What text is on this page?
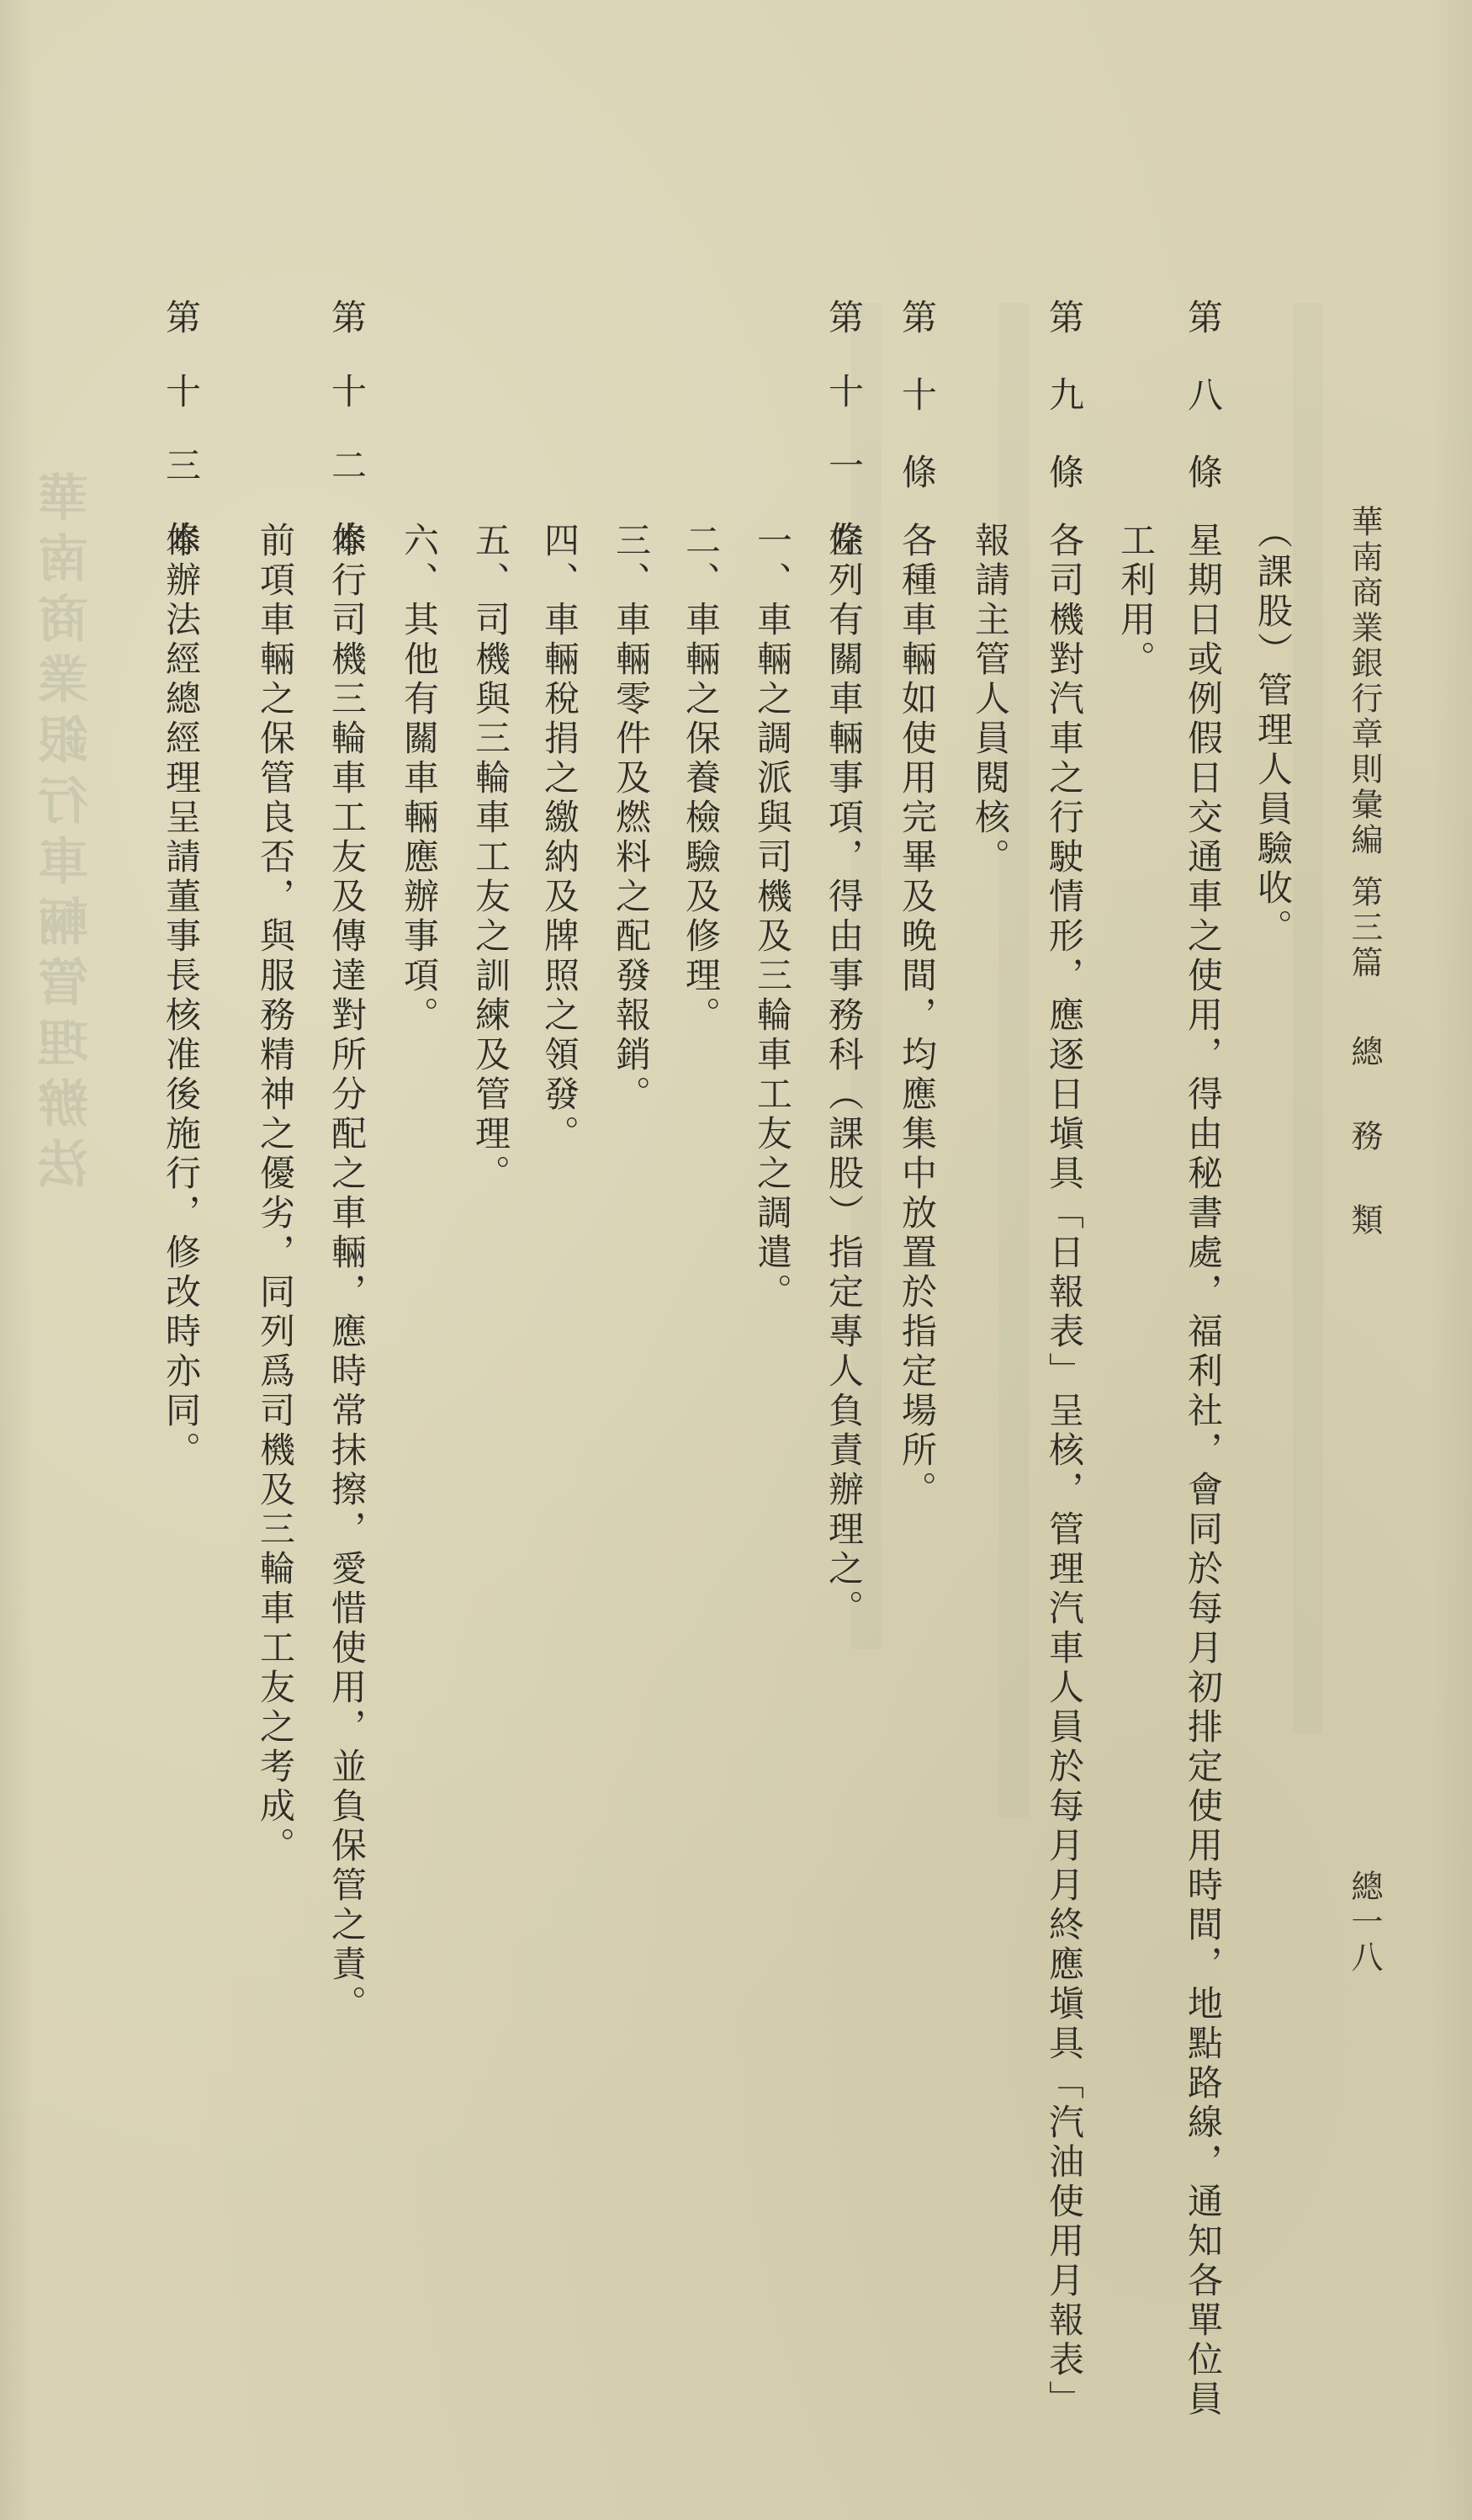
華南商業銀行車輛管理辦法	華南商業銀行章則彙編
第三篇
總務類
總一八
（課股）管理人員驗收。
第八條
星期日或例假日交通車之使用，得由秘書處，福利社，會同於每月初排定使用時間，地點路線，通知各單位員
工利用。
第九條
各司機對汽車之行駛情形，應逐日塡具「日報表」呈核，管理汽車人員於每月月終應塡具「汽油使用月報表」
報請主管人員閱核。
第十條
各種車輛如使用完畢及晚間，均應集中放置於指定場所。
第十一條
左列有關車輛事項，得由事務科（課股）指定專人負責辦理之。
一、車輛之調派與司機及三輪車工友之調遣。
二、車輛之保養檢驗及修理。
三、車輛零件及燃料之配發報銷。
四、車輛稅捐之繳納及牌照之領發。
五、司機與三輪車工友之訓練及管理。
六、其他有關車輛應辦事項。
第十二條
本行司機三輪車工友及傳達對所分配之車輛，應時常抹擦，愛惜使用，並負保管之責。
前項車輛之保管良否，與服務精神之優劣，同列爲司機及三輪車工友之考成。
第十三條
本辦法經總經理呈請董事長核准後施行，修改時亦同。
